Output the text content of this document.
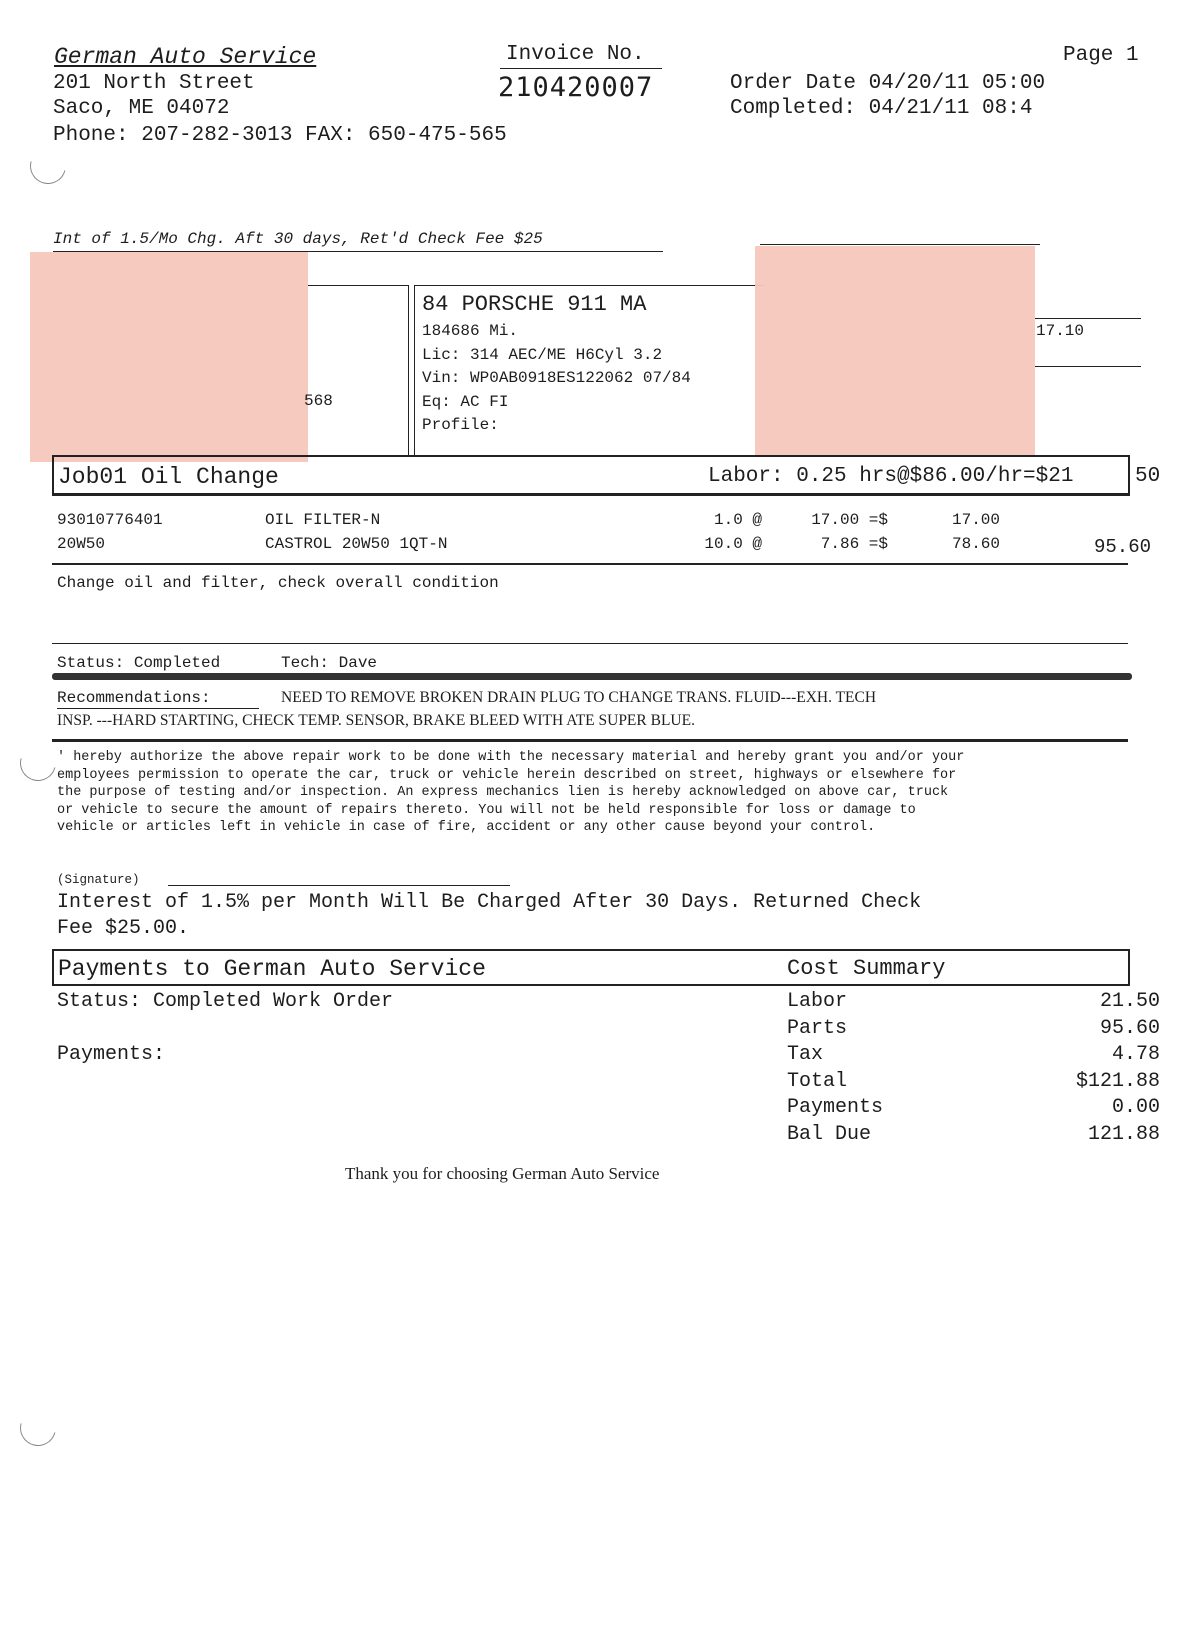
German Auto Service
201 North Street
Saco, ME 04072
Phone: 207-282-3013 FAX: 650-475-565
Invoice No.
210420007
Page 1
Order Date 04/20/11 05:00
Completed: 04/21/11 08:4
Int of 1.5/Mo Chg. Aft 30 days, Ret'd Check Fee $25
568
17.10
84 PORSCHE 911 MA
184686 Mi.
Lic: 314 AEC/ME H6Cyl 3.2
Vin: WP0AB0918ES122062 07/84
Eq: AC FI
Profile:
Job01 Oil Change	Labor: 0.25 hrs@$86.00/hr=$21	50
93010776401	OIL FILTER-N	1.0 @	17.00 =$	17.00
20W50	CASTROL 20W50 1QT-N	10.0 @	7.86 =$	78.60	95.60
Change oil and filter, check overall condition
Status: Completed	Tech: Dave
Recommendations:	NEED TO REMOVE BROKEN DRAIN PLUG TO CHANGE TRANS. FLUID---EXH. TECH
INSP. ---HARD STARTING, CHECK TEMP. SENSOR, BRAKE BLEED WITH ATE SUPER BLUE.
' hereby authorize the above repair work to be done with the necessary material and hereby grant you and/or your
employees permission to operate the car, truck or vehicle herein described on street, highways or elsewhere for
the purpose of testing and/or inspection. An express mechanics lien is hereby acknowledged on above car, truck
or vehicle to secure the amount of repairs thereto. You will not be held responsible for loss or damage to
vehicle or articles left in vehicle in case of fire, accident or any other cause beyond your control.
(Signature)
Interest of 1.5% per Month Will Be Charged After 30 Days. Returned Check
Fee $25.00.
Payments to German Auto Service	Cost Summary
Status: Completed Work Order
Payments:
Labor	21.50
Parts	95.60
Tax	4.78
Total	$121.88
Payments	0.00
Bal Due	121.88
Thank you for choosing German Auto Service
